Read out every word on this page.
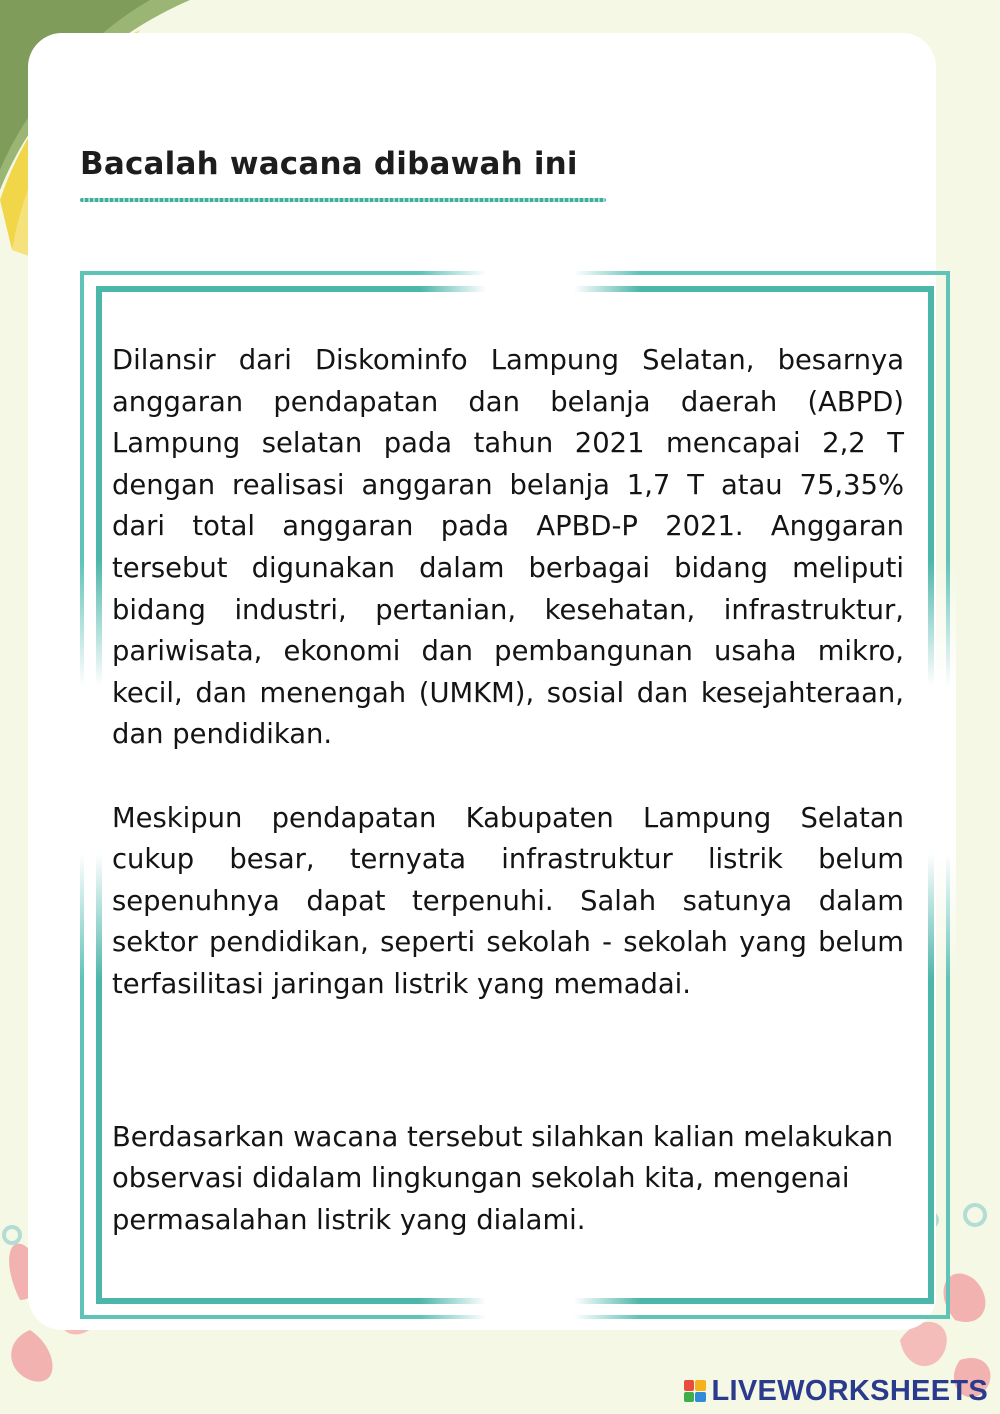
Bacalah wacana dibawah ini

Dilansir dari Diskominfo Lampung Selatan, besarnya anggaran pendapatan dan belanja daerah (ABPD) Lampung selatan pada tahun 2021 mencapai 2,2 T dengan realisasi anggaran belanja 1,7 T atau 75,35% dari total anggaran pada APBD-P 2021. Anggaran tersebut digunakan dalam berbagai bidang meliputi bidang industri, pertanian, kesehatan, infrastruktur, pariwisata, ekonomi dan pembangunan usaha mikro, kecil, dan menengah (UMKM), sosial dan kesejahteraan, dan pendidikan.

Meskipun pendapatan Kabupaten Lampung Selatan cukup besar, ternyata infrastruktur listrik belum sepenuhnya dapat terpenuhi. Salah satunya dalam sektor pendidikan, seperti sekolah - sekolah yang belum terfasilitasi jaringan listrik yang memadai.

Berdasarkan wacana tersebut silahkan kalian melakukan observasi didalam lingkungan sekolah kita, mengenai permasalahan listrik yang dialami.

LIVEWORKSHEETS
